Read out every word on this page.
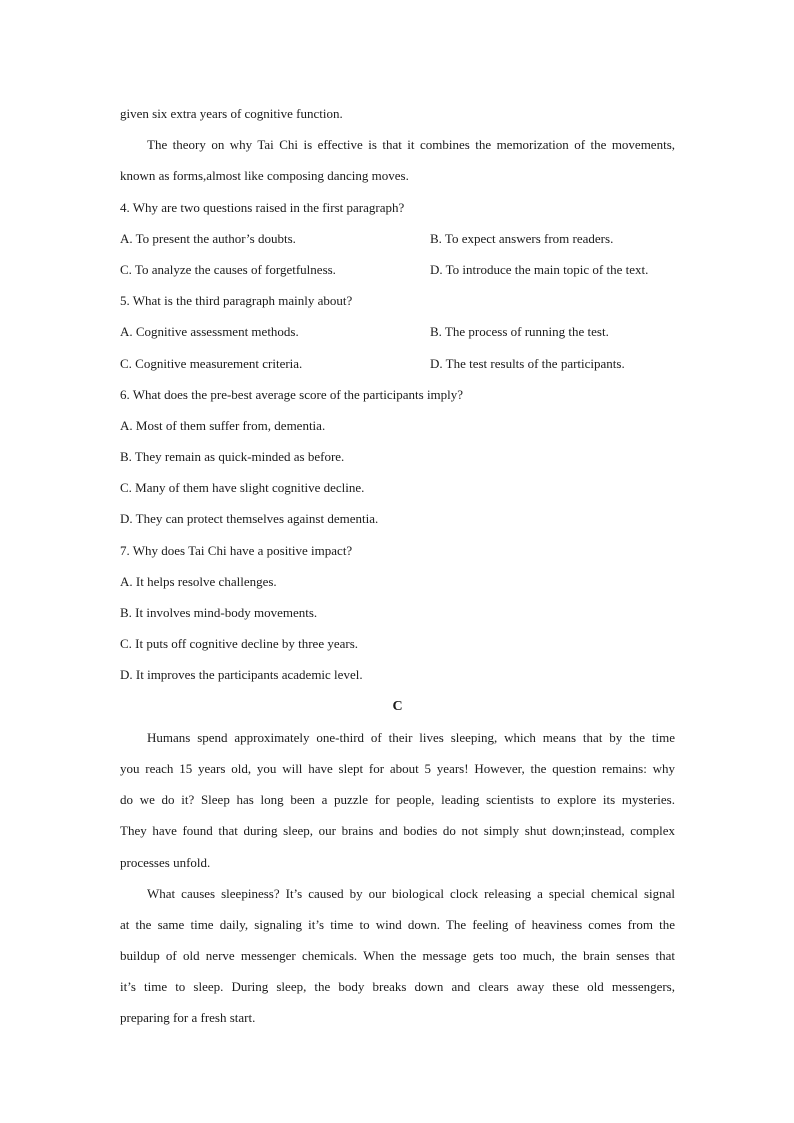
given six extra years of cognitive function.
The theory on why Tai Chi is effective is that it combines the memorization of the movements,
known as forms,almost like composing dancing moves.
4. Why are two questions raised in the first paragraph?
A. To present the author’s doubts.	B. To expect answers from readers.
C. To analyze the causes of forgetfulness.	D. To introduce the main topic of the text.
5. What is the third paragraph mainly about?
A. Cognitive assessment methods.	B. The process of running the test.
C. Cognitive measurement criteria.	D. The test results of the participants.
6. What does the pre-best average score of the participants imply?
A. Most of them suffer from, dementia.
B. They remain as quick-minded as before.
C. Many of them have slight cognitive decline.
D. They can protect themselves against dementia.
7. Why does Tai Chi have a positive impact?
A. It helps resolve challenges.
B. It involves mind-body movements.
C. It puts off cognitive decline by three years.
D. It improves the participants academic level.
C
Humans spend approximately one-third of their lives sleeping, which means that by the time
you reach 15 years old, you will have slept for about 5 years! However, the question remains: why
do we do it? Sleep has long been a puzzle for people, leading scientists to explore its mysteries.
They have found that during sleep, our brains and bodies do not simply shut down;instead, complex
processes unfold.
What causes sleepiness? It’s caused by our biological clock releasing a special chemical signal
at the same time daily, signaling it’s time to wind down. The feeling of heaviness comes from the
buildup of old nerve messenger chemicals. When the message gets too much, the brain senses that
it’s time to sleep. During sleep, the body breaks down and clears away these old messengers,
preparing for a fresh start.
